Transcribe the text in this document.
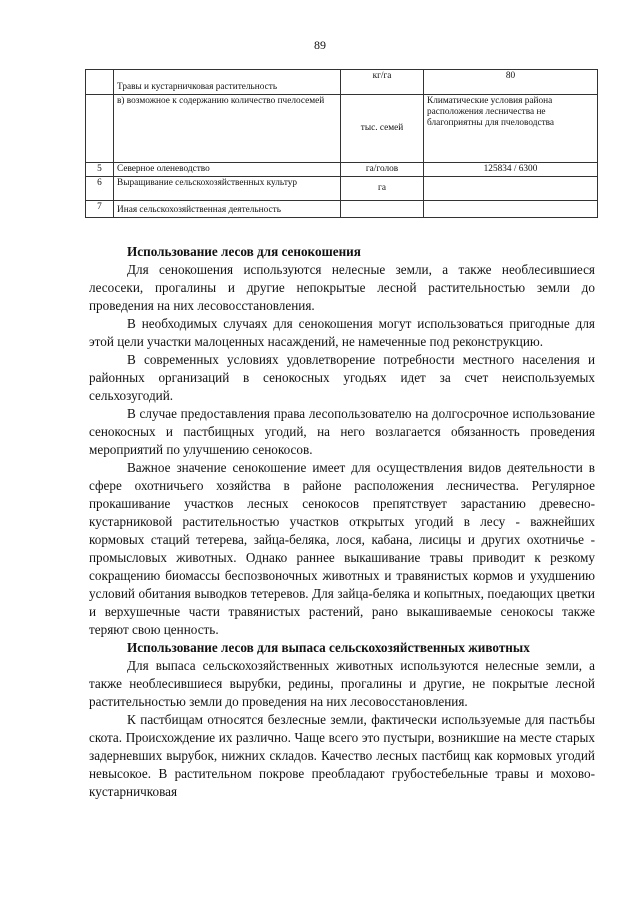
89
	Травы и кустарничковая растительность	кг/га	80
	в) возможное к содержанию количество пчелосемей	тыс. семей	Климатические условия района расположения лесничества не благоприятны для пчеловодства
5	Северное оленеводство	га/голов	125834 / 6300
6	Выращивание сельскохозяйственных культур	га	
7	Иная сельскохозяйственная деятельность		

Использование лесов для сенокошения

Для сенокошения используются нелесные земли, а также необлесившиеся лесосеки, прогалины и другие непокрытые лесной растительностью земли до проведения на них лесовосстановления.

В необходимых случаях для сенокошения могут использоваться пригодные для этой цели участки малоценных насаждений, не намеченные под реконструкцию.

В современных условиях удовлетворение потребности местного населения и районных организаций в сенокосных угодьях идет за счет неиспользуемых сельхозугодий.

В случае предоставления права лесопользователю на долгосрочное использование сенокосных и пастбищных угодий, на него возлагается обязанность проведения мероприятий по улучшению сенокосов.

Важное значение сенокошение имеет для осуществления видов деятельности в сфере охотничьего хозяйства в районе расположения лесничества. Регулярное прокашивание участков лесных сенокосов препятствует зарастанию древесно-кустарниковой растительностью участков открытых угодий в лесу - важнейших кормовых стаций тетерева, зайца-беляка, лося, кабана, лисицы и других охотничье - промысловых животных. Однако раннее выкашивание травы приводит к резкому сокращению биомассы беспозвоночных животных и травянистых кормов и ухудшению условий обитания выводков тетеревов. Для зайца-беляка и копытных, поедающих цветки и верхушечные части травянистых растений, рано выкашиваемые сенокосы также теряют свою ценность.

Использование лесов для выпаса сельскохозяйственных животных

Для выпаса сельскохозяйственных животных используются нелесные земли, а также необлесившиеся вырубки, редины, прогалины и другие, не покрытые лесной растительностью земли до проведения на них лесовосстановления.

К пастбищам относятся безлесные земли, фактически используемые для пастьбы скота. Происхождение их различно. Чаще всего это пустыри, возникшие на месте старых задерневших вырубок, нижних складов. Качество лесных пастбищ как кормовых угодий невысокое. В растительном покрове преобладают грубостебельные травы и мохово-кустарничковая
